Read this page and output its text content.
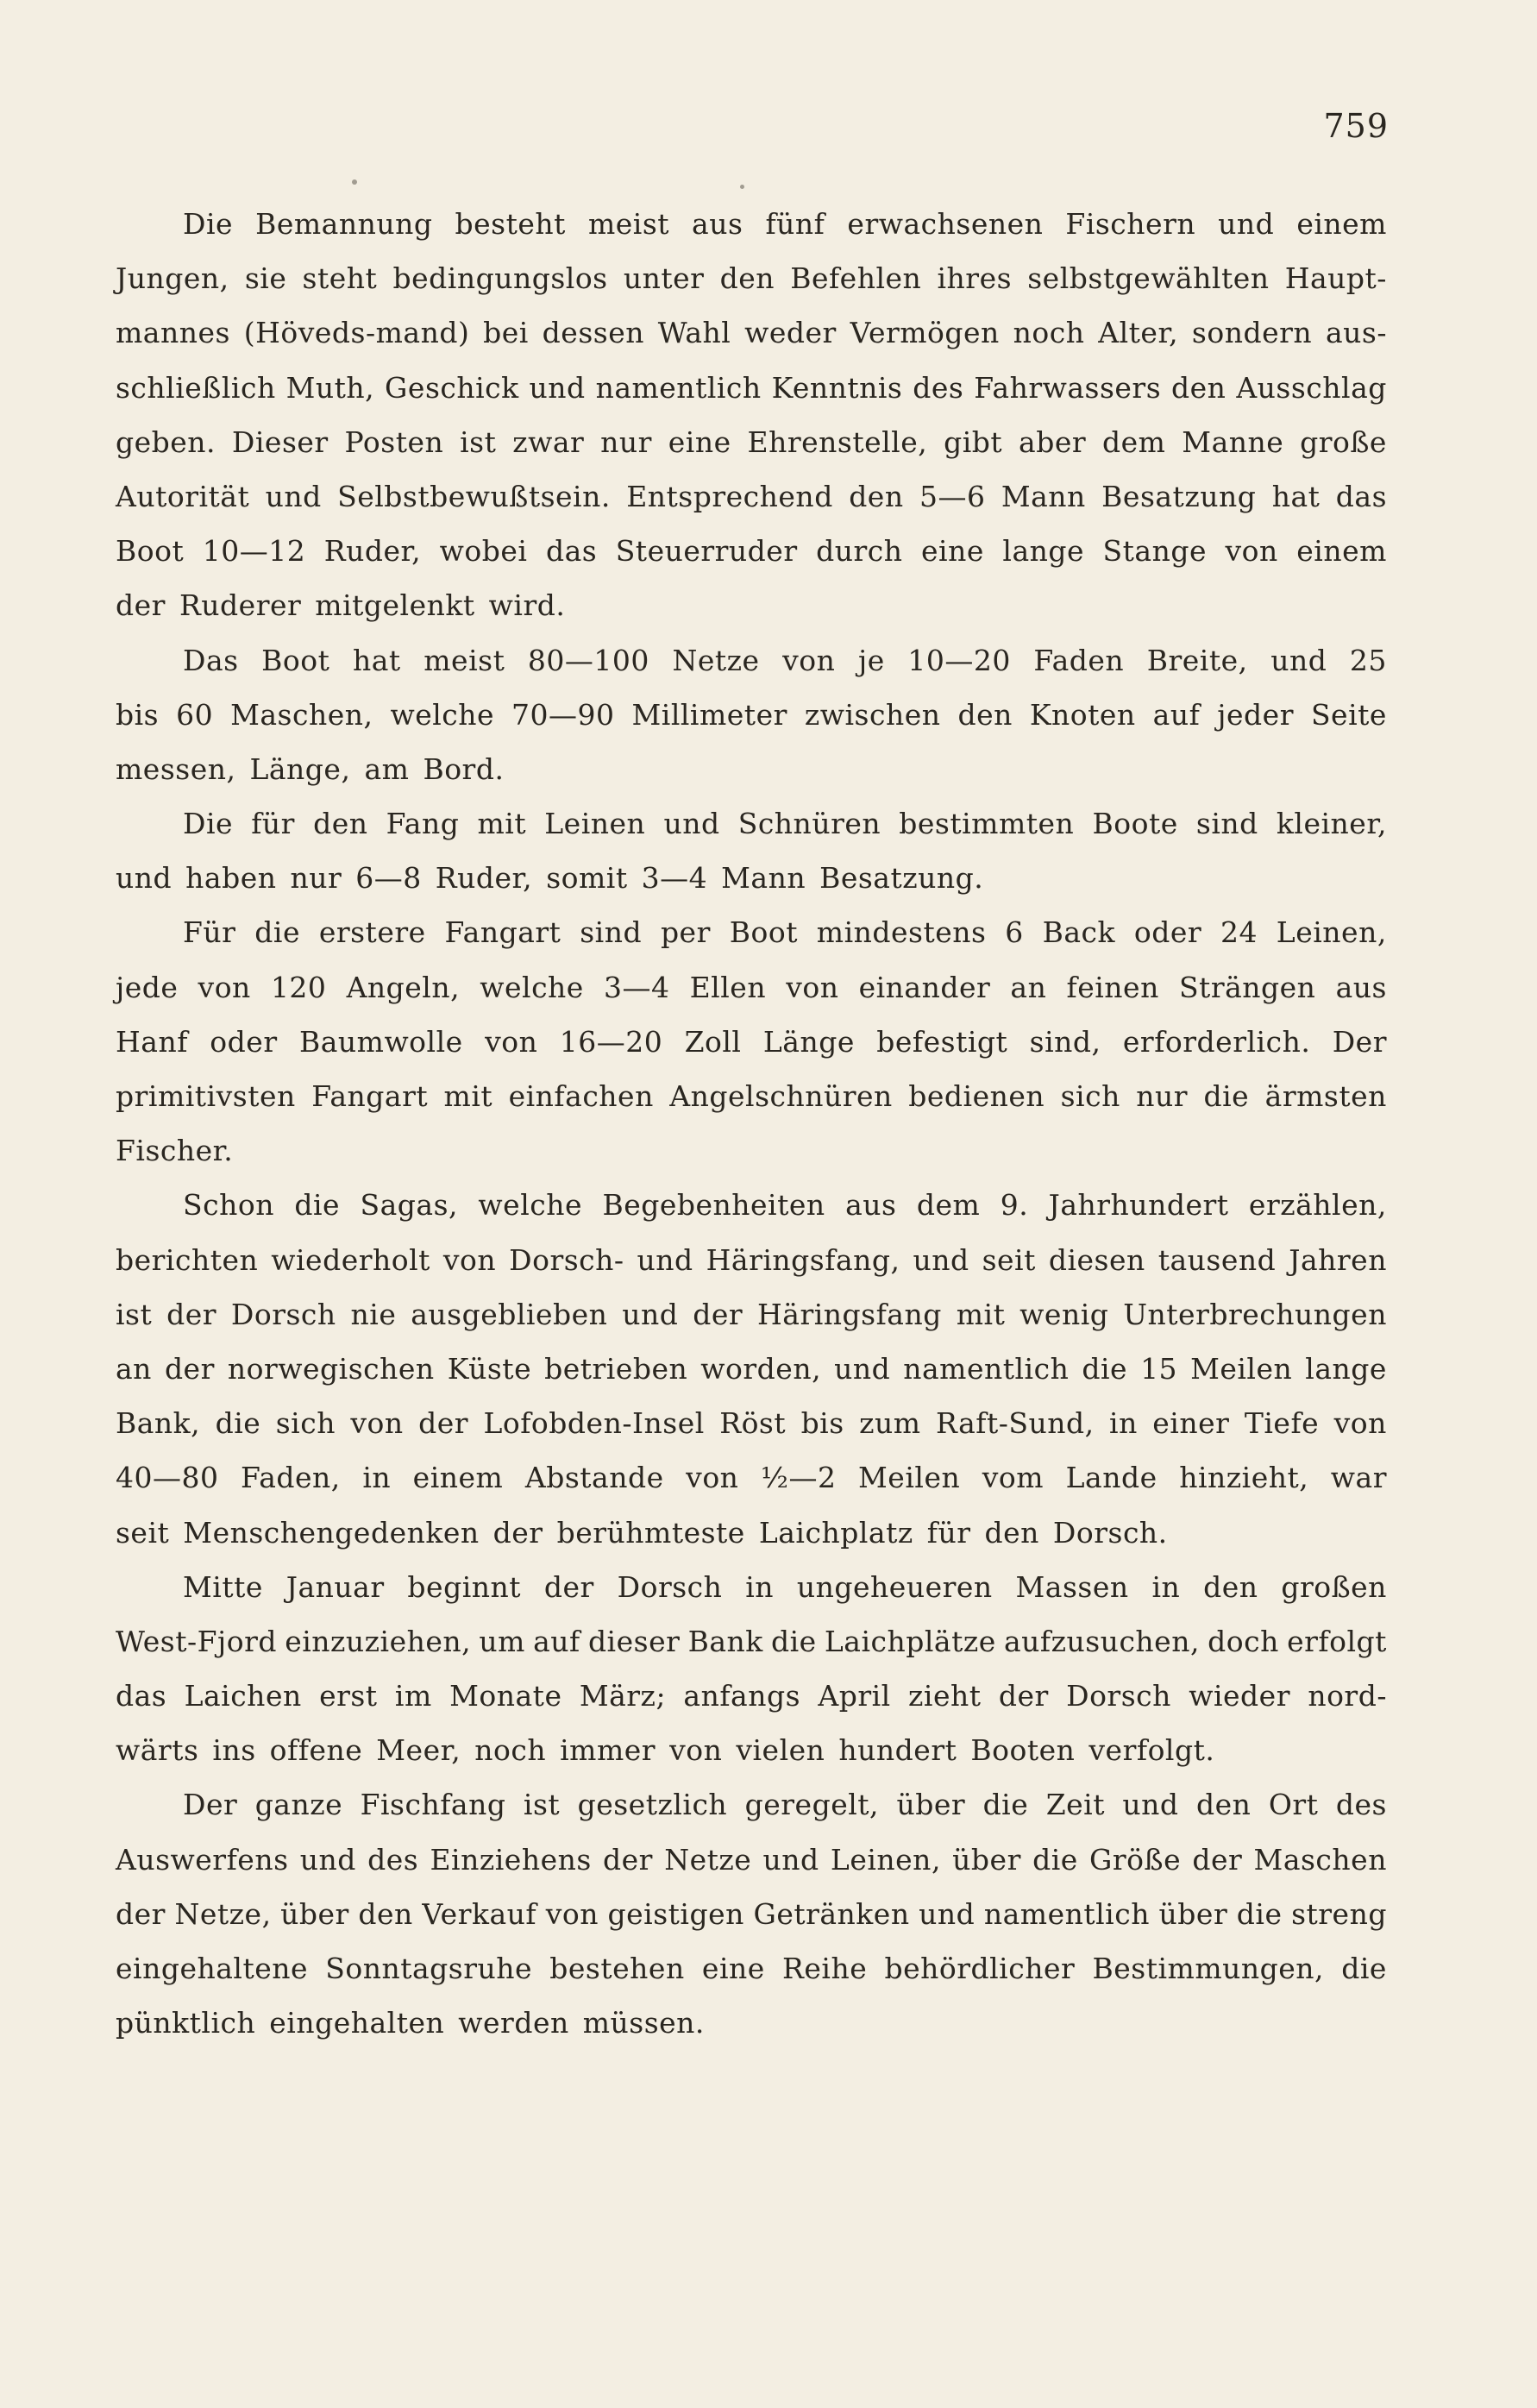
759
Die Bemannung besteht meist aus fünf erwachsenen Fischern und einem
Jungen, sie steht bedingungslos unter den Befehlen ihres selbstgewählten Haupt-
mannes (Höveds-mand) bei dessen Wahl weder Vermögen noch Alter, sondern aus-
schließlich Muth, Geschick und namentlich Kenntnis des Fahrwassers den Ausschlag
geben. Dieser Posten ist zwar nur eine Ehrenstelle, gibt aber dem Manne große
Autorität und Selbstbewußtsein. Entsprechend den 5—6 Mann Besatzung hat das
Boot 10—12 Ruder, wobei das Steuerruder durch eine lange Stange von einem
der Ruderer mitgelenkt wird.
Das Boot hat meist 80—100 Netze von je 10—20 Faden Breite, und 25
bis 60 Maschen, welche 70—90 Millimeter zwischen den Knoten auf jeder Seite
messen, Länge, am Bord.
Die für den Fang mit Leinen und Schnüren bestimmten Boote sind kleiner,
und haben nur 6—8 Ruder, somit 3—4 Mann Besatzung.
Für die erstere Fangart sind per Boot mindestens 6 Back oder 24 Leinen,
jede von 120 Angeln, welche 3—4 Ellen von einander an feinen Strängen aus
Hanf oder Baumwolle von 16—20 Zoll Länge befestigt sind, erforderlich. Der
primitivsten Fangart mit einfachen Angelschnüren bedienen sich nur die ärmsten
Fischer.
Schon die Sagas, welche Begebenheiten aus dem 9. Jahrhundert erzählen,
berichten wiederholt von Dorsch- und Häringsfang, und seit diesen tausend Jahren
ist der Dorsch nie ausgeblieben und der Häringsfang mit wenig Unterbrechungen
an der norwegischen Küste betrieben worden, und namentlich die 15 Meilen lange
Bank, die sich von der Lofobden-Insel Röst bis zum Raft-Sund, in einer Tiefe von
40—80 Faden, in einem Abstande von ½—2 Meilen vom Lande hinzieht, war
seit Menschengedenken der berühmteste Laichplatz für den Dorsch.
Mitte Januar beginnt der Dorsch in ungeheueren Massen in den großen
West-Fjord einzuziehen, um auf dieser Bank die Laichplätze aufzusuchen, doch erfolgt
das Laichen erst im Monate März; anfangs April zieht der Dorsch wieder nord-
wärts ins offene Meer, noch immer von vielen hundert Booten verfolgt.
Der ganze Fischfang ist gesetzlich geregelt, über die Zeit und den Ort des
Auswerfens und des Einziehens der Netze und Leinen, über die Größe der Maschen
der Netze, über den Verkauf von geistigen Getränken und namentlich über die streng
eingehaltene Sonntagsruhe bestehen eine Reihe behördlicher Bestimmungen, die
pünktlich eingehalten werden müssen.
